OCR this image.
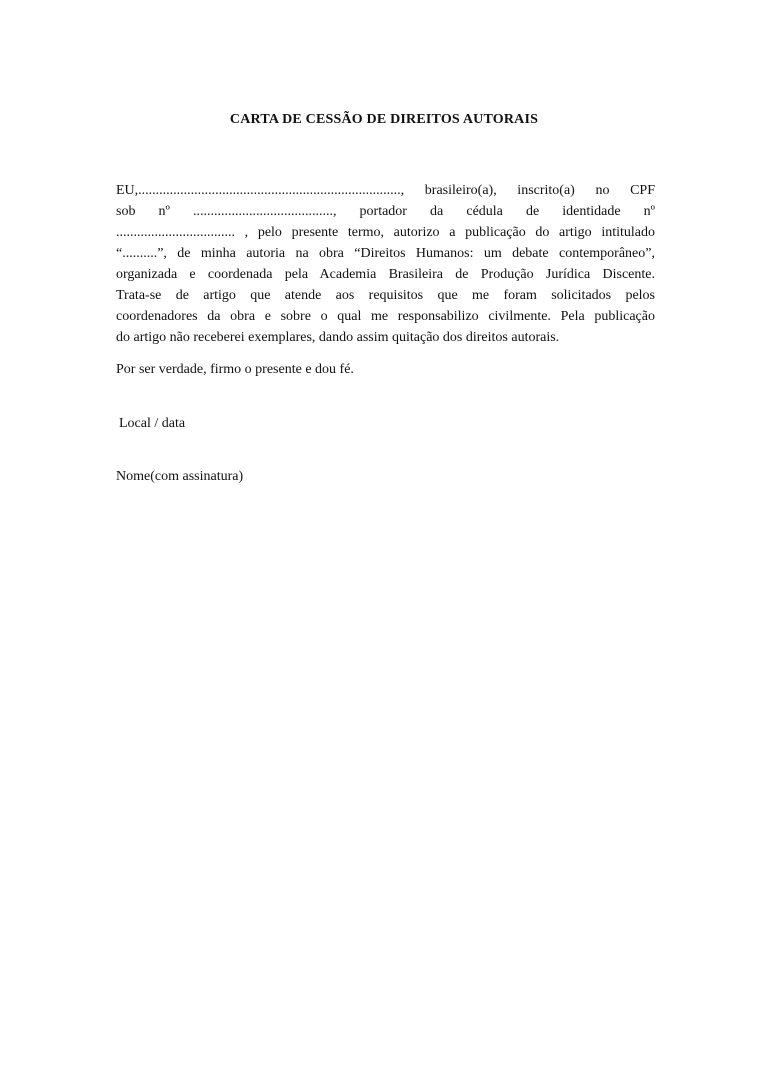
CARTA DE CESSÃO DE DIREITOS AUTORAIS
EU,..........................................................................., brasileiro(a), inscrito(a) no CPF
sob nº ........................................, portador da cédula de identidade nº
.................................. , pelo presente termo, autorizo a publicação do artigo intitulado
“..........”, de minha autoria na obra “Direitos Humanos: um debate contemporâneo”,
organizada e coordenada pela Academia Brasileira de Produção Jurídica Discente.
Trata-se de artigo que atende aos requisitos que me foram solicitados pelos
coordenadores da obra e sobre o qual me responsabilizo civilmente. Pela publicação
do artigo não receberei exemplares, dando assim quitação dos direitos autorais.
Por ser verdade, firmo o presente e dou fé.
Local / data
Nome(com assinatura)
